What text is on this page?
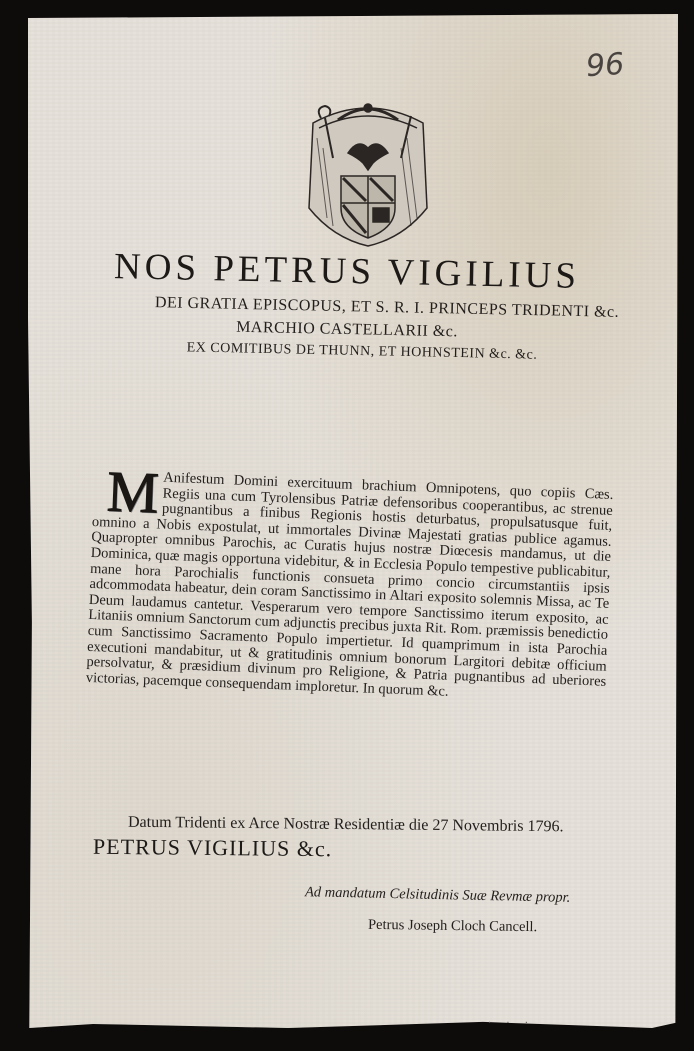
96
NOS PETRUS VIGILIUS
DEI GRATIA EPISCOPUS, ET S. R. I. PRINCEPS TRIDENTI &c.
MARCHIO CASTELLARII &c.
EX COMITIBUS DE THUNN, ET HOHNSTEIN &c. &c.
M Anifestum Domini exercituum brachium Omnipotens, quo copiis Cæs. Regiis una cum Tyrolensibus Patriæ defensoribus cooperantibus, ac strenue pugnantibus a finibus Regionis hostis deturbatus, propulsatusque fuit, omnino a Nobis expostulat, ut immortales Divinæ Majestati gratias publice agamus. Quapropter omnibus Parochis, ac Curatis hujus nostræ Diœcesis mandamus, ut die Dominica, quæ magis opportuna videbitur, & in Ecclesia Populo tempestive publicabitur, mane hora Parochialis functionis consueta primo concio circumstantiis ipsis adcommodata habeatur, dein coram Sanctissimo in Altari exposito solemnis Missa, ac Te Deum laudamus cantetur. Vesperarum vero tempore Sanctissimo iterum exposito, ac Litaniis omnium Sanctorum cum adjunctis precibus juxta Rit. Rom. præmissis benedictio cum Sanctissimo Sacramento Populo impertietur. Id quamprimum in ista Parochia executioni mandabitur, ut & gratitudinis omnium bonorum Largitori debitæ officium persolvatur, & præsidium divinum pro Religione, & Patria pugnantibus ad uberiores victorias, pacemque consequendam imploretur. In quorum &c.

Datum Tridenti ex Arce Nostræ Residentiæ die 27 Novembris 1796.
PETRUS VIGILIUS &c.
Ad mandatum Celsitudinis Suæ Revmæ propr.
Petrus Joseph Cloch Cancell.
· · ·
